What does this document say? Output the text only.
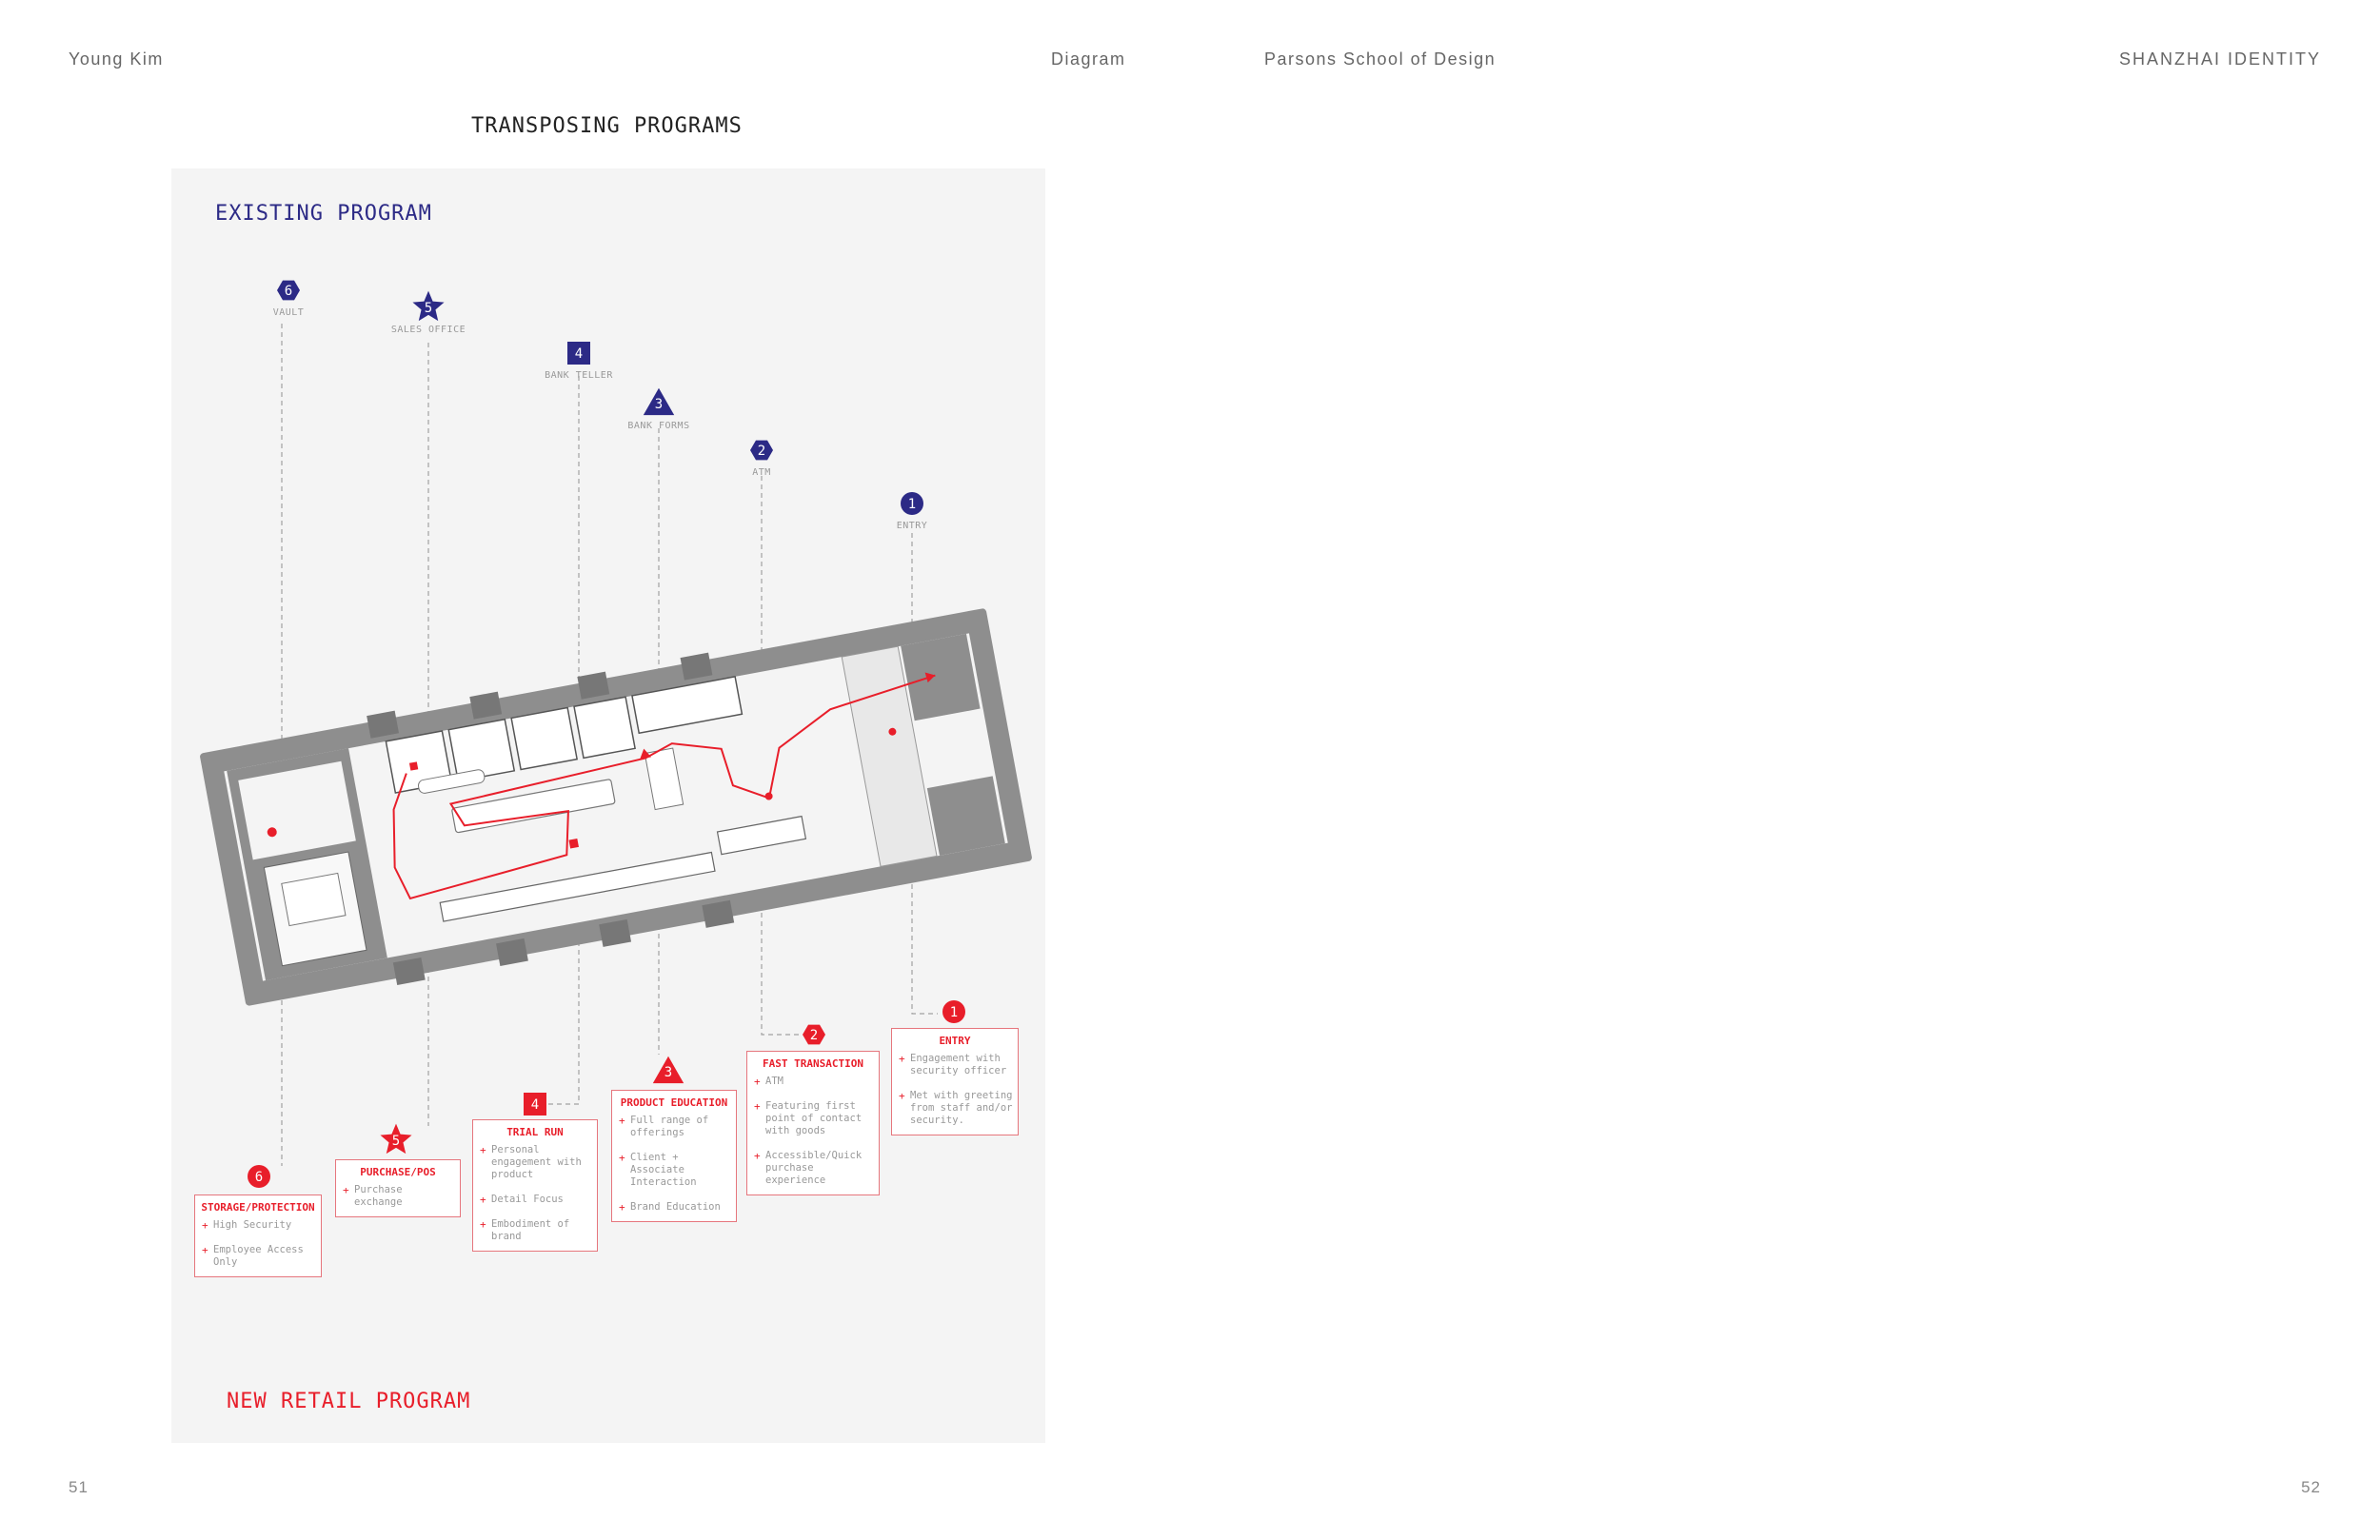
Young Kim	Diagram	Parsons School of Design	SHANZHAI IDENTITY
51	52
TRANSPOSING PROGRAMS
EXISTING PROGRAM
NEW RETAIL PROGRAM
6
VAULT	5
SALES OFFICE
4
BANK TELLER
3
BANK FORMS
2
ATM
1
ENTRY
6
5
4
3
2
1
STORAGE/PROTECTION
+ High Security
+ Employee Access Only
PURCHASE/POS
+ Purchase exchange
TRIAL RUN
+ Personal engagement with product
+ Detail Focus
+ Embodiment of brand
PRODUCT EDUCATION
+ Full range of offerings
+ Client + Associate Interaction
+ Brand Education
FAST TRANSACTION
+ ATM
+ Featuring first point of contact with goods
+ Accessible/Quick purchase experience
ENTRY
+ Engagement with security officer
+ Met with greeting from staff and/or security.
